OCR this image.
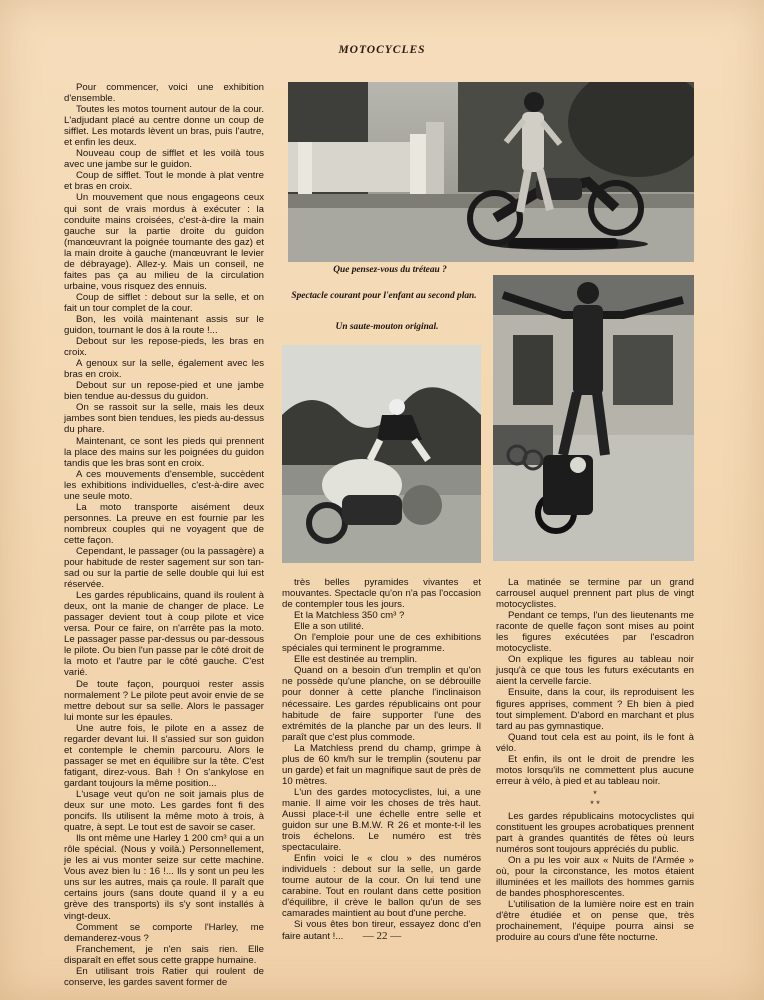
MOTOCYCLES

Pour commencer, voici une exhibition d'ensemble.

Toutes les motos tournent autour de la cour. L'adjudant placé au centre donne un coup de sifflet. Les motards lèvent un bras, puis l'autre, et enfin les deux.

Nouveau coup de sifflet et les voilà tous avec une jambe sur le guidon.

Coup de sifflet. Tout le monde à plat ventre et bras en croix.

Un mouvement que nous engageons ceux qui sont de vrais mordus à exécuter : la conduite mains croisées, c'est-à-dire la main gauche sur la partie droite du guidon (manœuvrant la poignée tournante des gaz) et la main droite à gauche (manœuvrant le levier de débrayage). Allez-y. Mais un conseil, ne faites pas ça au milieu de la circulation urbaine, vous risquez des ennuis.

Coup de sifflet : debout sur la selle, et on fait un tour complet de la cour.

Bon, les voilà maintenant assis sur le guidon, tournant le dos à la route !...

Debout sur les repose-pieds, les bras en croix.

A genoux sur la selle, également avec les bras en croix.

Debout sur un repose-pied et une jambe bien tendue au-dessus du guidon.

On se rassoit sur la selle, mais les deux jambes sont bien tendues, les pieds au-dessus du phare.

Maintenant, ce sont les pieds qui prennent la place des mains sur les poignées du guidon tandis que les bras sont en croix.

A ces mouvements d'ensemble, succèdent les exhibitions individuelles, c'est-à-dire avec une seule moto.

La moto transporte aisément deux personnes. La preuve en est fournie par les nombreux couples qui ne voyagent que de cette façon.

Cependant, le passager (ou la passagère) a pour habitude de rester sagement sur son tan-sad ou sur la partie de selle double qui lui est réservée.

Les gardes républicains, quand ils roulent à deux, ont la manie de changer de place. Le passager devient tout à coup pilote et vice versa. Pour ce faire, on n'arrête pas la moto. Le passager passe par-dessus ou par-dessous le pilote. Ou bien l'un passe par le côté droit de la moto et l'autre par le côté gauche. C'est varié.

De toute façon, pourquoi rester assis normalement ? Le pilote peut avoir envie de se mettre debout sur sa selle. Alors le passager lui monte sur les épaules.

Une autre fois, le pilote en a assez de regarder devant lui. Il s'assied sur son guidon et contemple le chemin parcouru. Alors le passager se met en équilibre sur la tête. C'est fatigant, direz-vous. Bah ! On s'ankylose en gardant toujours la même position...

L'usage veut qu'on ne soit jamais plus de deux sur une moto. Les gardes font fi des poncifs. Ils utilisent la même moto à trois, à quatre, à sept. Le tout est de savoir se caser.

Ils ont même une Harley 1 200 cm³ qui a un rôle spécial. (Nous y voilà.) Personnellement, je les ai vus monter seize sur cette machine. Vous avez bien lu : 16 !... Ils y sont un peu les uns sur les autres, mais ça roule. Il paraît que certains jours (sans doute quand il y a eu grève des transports) ils s'y sont installés à vingt-deux.

Comment se comporte l'Harley, me demanderez-vous ?

Franchement, je n'en sais rien. Elle disparaît en effet sous cette grappe humaine.

En utilisant trois Ratier qui roulent de conserve, les gardes savent former de

Que pensez-vous du tréteau ?
Spectacle courant pour l'enfant au second plan.
Un saute-mouton original.

très belles pyramides vivantes et mouvantes. Spectacle qu'on n'a pas l'occasion de contempler tous les jours.

Et la Matchless 350 cm³ ?

Elle a son utilité.

On l'emploie pour une de ces exhibitions spéciales qui terminent le programme.

Elle est destinée au tremplin.

Quand on a besoin d'un tremplin et qu'on ne possède qu'une planche, on se débrouille pour donner à cette planche l'inclinaison nécessaire. Les gardes républicains ont pour habitude de faire supporter l'une des extrémités de la planche par un des leurs. Il paraît que c'est plus commode.

La Matchless prend du champ, grimpe à plus de 60 km/h sur le tremplin (soutenu par un garde) et fait un magnifique saut de près de 10 mètres.

L'un des gardes motocyclistes, lui, a une manie. Il aime voir les choses de très haut. Aussi place-t-il une échelle entre selle et guidon sur une B.M.W. R 26 et monte-t-il les trois échelons. Le numéro est très spectaculaire.

Enfin voici le « clou » des numéros individuels : debout sur la selle, un garde tourne autour de la cour. On lui tend une carabine. Tout en roulant dans cette position d'équilibre, il crève le ballon qu'un de ses camarades maintient au bout d'une perche.

Si vous êtes bon tireur, essayez donc d'en faire autant !...

La matinée se termine par un grand carrousel auquel prennent part plus de vingt motocyclistes.

Pendant ce temps, l'un des lieutenants me raconte de quelle façon sont mises au point les figures exécutées par l'escadron motocycliste.

On explique les figures au tableau noir jusqu'à ce que tous les futurs exécutants en aient la cervelle farcie.

Ensuite, dans la cour, ils reproduisent les figures apprises, comment ? Eh bien à pied tout simplement. D'abord en marchant et plus tard au pas gymnastique.

Quand tout cela est au point, ils le font à vélo.

Et enfin, ils ont le droit de prendre les motos lorsqu'ils ne commettent plus aucune erreur à vélo, à pied et au tableau noir.

*
* *

Les gardes républicains motocyclistes qui constituent les groupes acrobatiques prennent part à grandes quantités de fêtes où leurs numéros sont toujours appréciés du public.

On a pu les voir aux « Nuits de l'Armée » où, pour la circonstance, les motos étaient illuminées et les maillots des hommes garnis de bandes phosphorescentes.

L'utilisation de la lumière noire est en train d'être étudiée et on pense que, très prochainement, l'équipe pourra ainsi se produire au cours d'une fête nocturne.

— 22 —
